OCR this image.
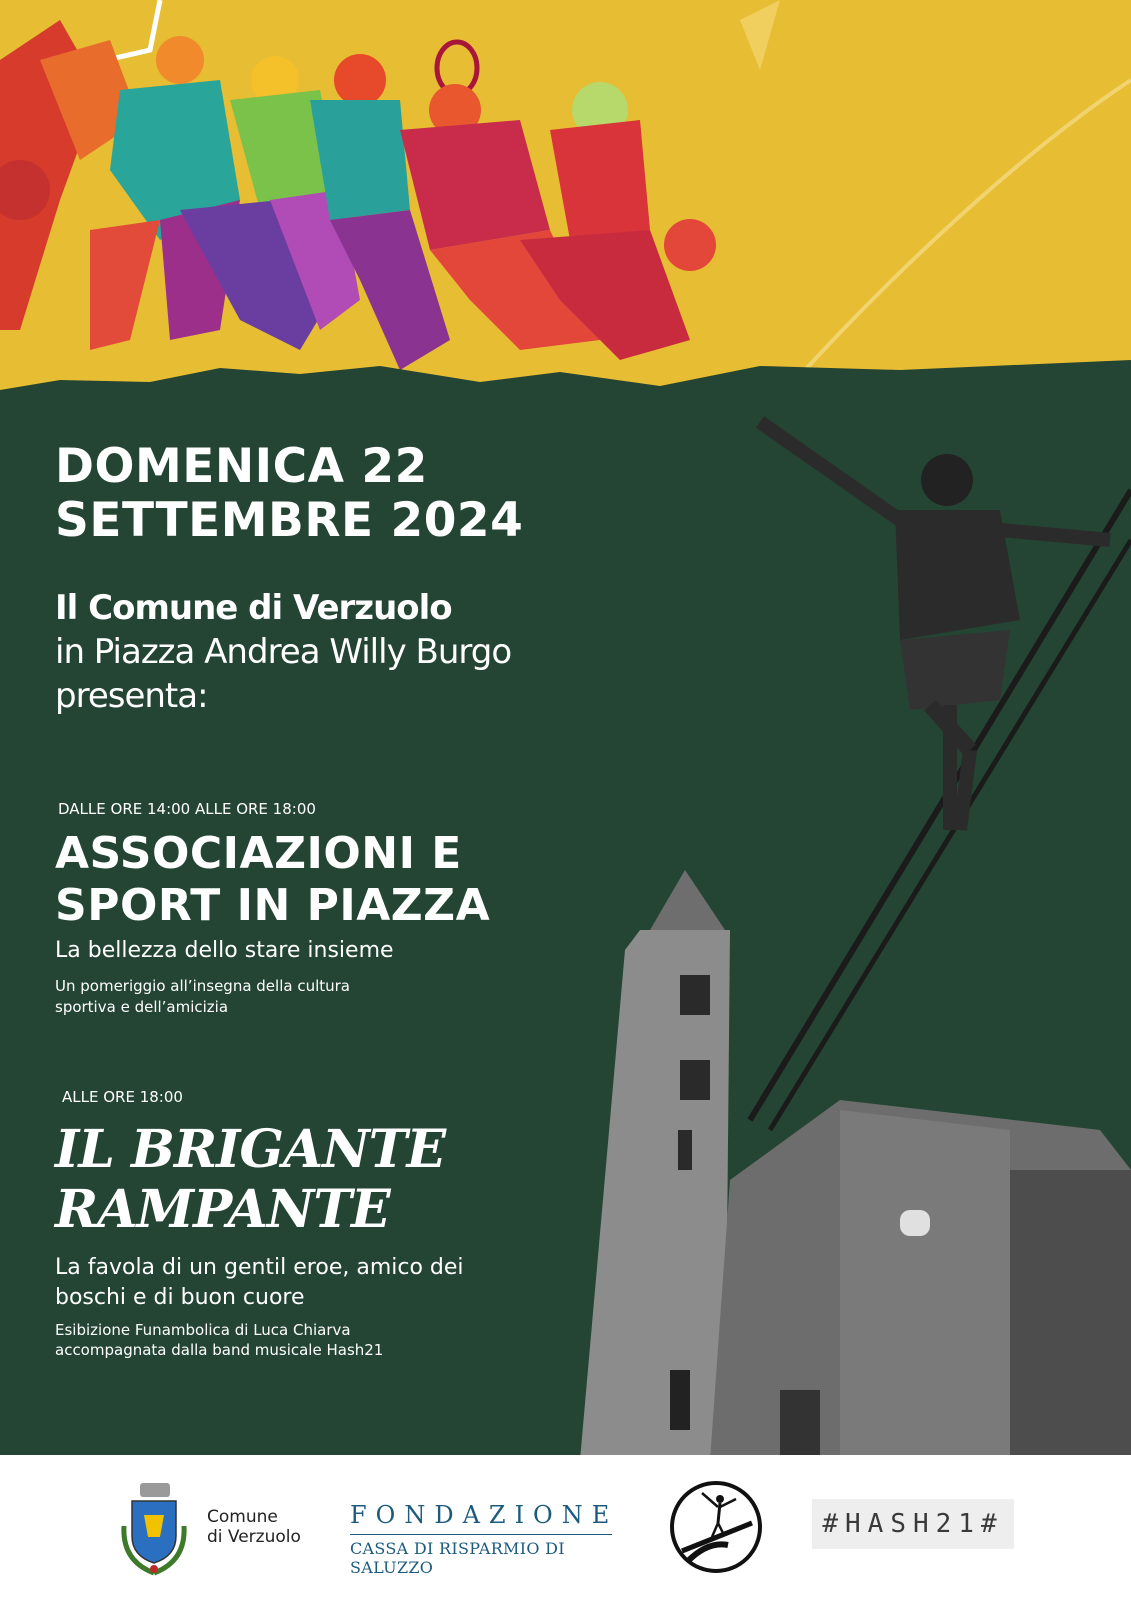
DOMENICA 22
SETTEMBRE 2024
Il Comune di Verzuolo
in Piazza Andrea Willy Burgo
presenta:
DALLE ORE 14:00 ALLE ORE 18:00
ASSOCIAZIONI E
SPORT IN PIAZZA
La bellezza dello stare insieme
Un pomeriggio all’insegna della cultura
sportiva e dell’amicizia
ALLE ORE 18:00
IL BRIGANTE
RAMPANTE
La favola di un gentil eroe, amico dei
boschi e di buon cuore
Esibizione Funambolica di Luca Chiarva
accompagnata dalla band musicale Hash21
Comune
di Verzuolo
FONDAZIONE
CASSA DI RISPARMIO DI SALUZZO
#HASH21#
